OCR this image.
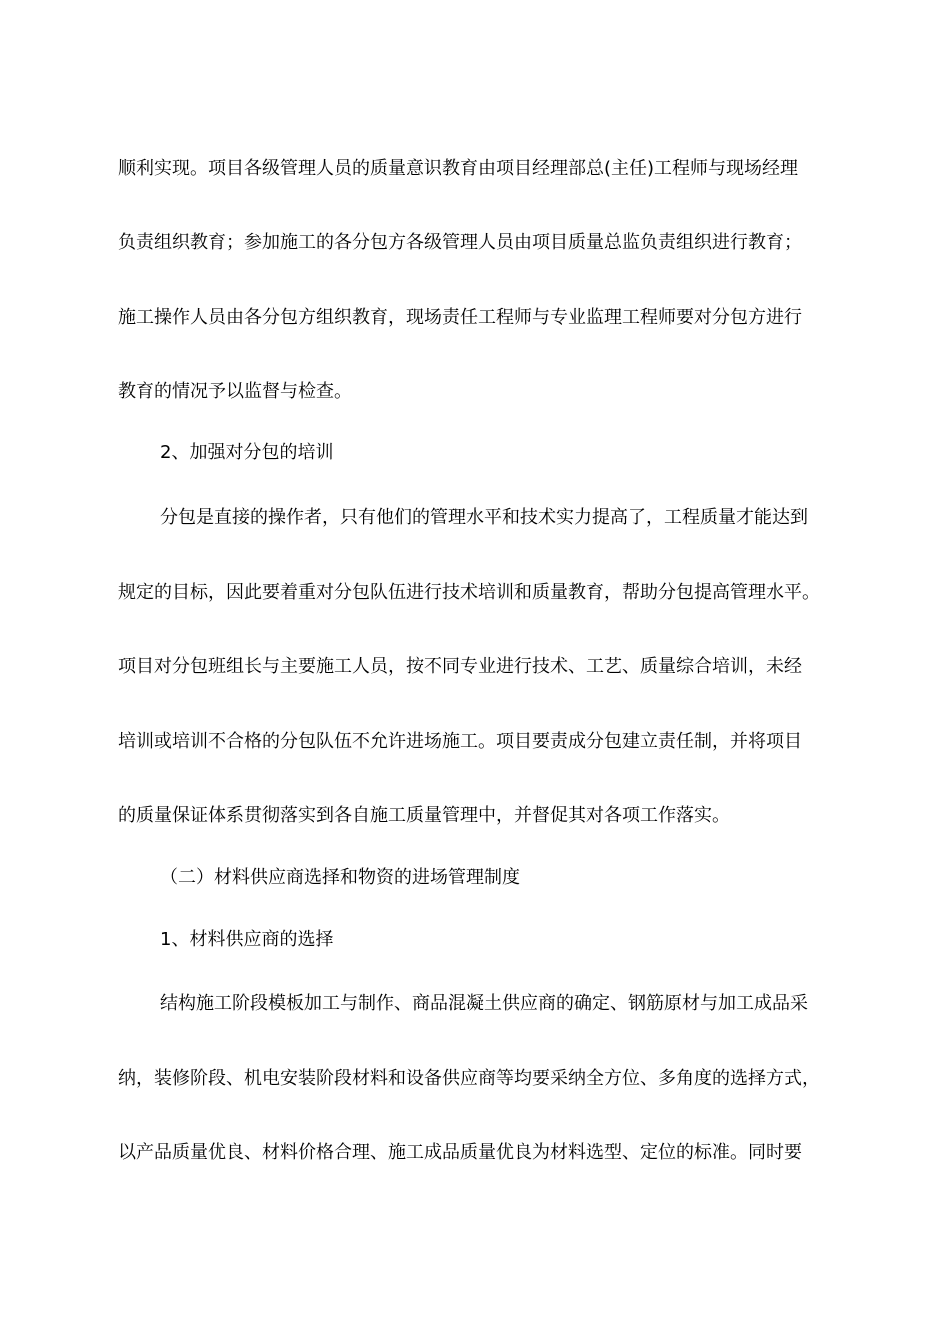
顺利实现。项目各级管理人员的质量意识教育由项目经理部总(主任)工程师与现场经理
负责组织教育；参加施工的各分包方各级管理人员由项目质量总监负责组织进行教育；
施工操作人员由各分包方组织教育，现场责任工程师与专业监理工程师要对分包方进行
教育的情况予以监督与检查。
2、加强对分包的培训
分包是直接的操作者，只有他们的管理水平和技术实力提高了，工程质量才能达到
规定的目标，因此要着重对分包队伍进行技术培训和质量教育，帮助分包提高管理水平。
项目对分包班组长与主要施工人员，按不同专业进行技术、工艺、质量综合培训，未经
培训或培训不合格的分包队伍不允许进场施工。项目要责成分包建立责任制，并将项目
的质量保证体系贯彻落实到各自施工质量管理中，并督促其对各项工作落实。
（二）材料供应商选择和物资的进场管理制度
1、材料供应商的选择
结构施工阶段模板加工与制作、商品混凝土供应商的确定、钢筋原材与加工成品采
纳，装修阶段、机电安装阶段材料和设备供应商等均要采纳全方位、多角度的选择方式，
以产品质量优良、材料价格合理、施工成品质量优良为材料选型、定位的标准。同时要
